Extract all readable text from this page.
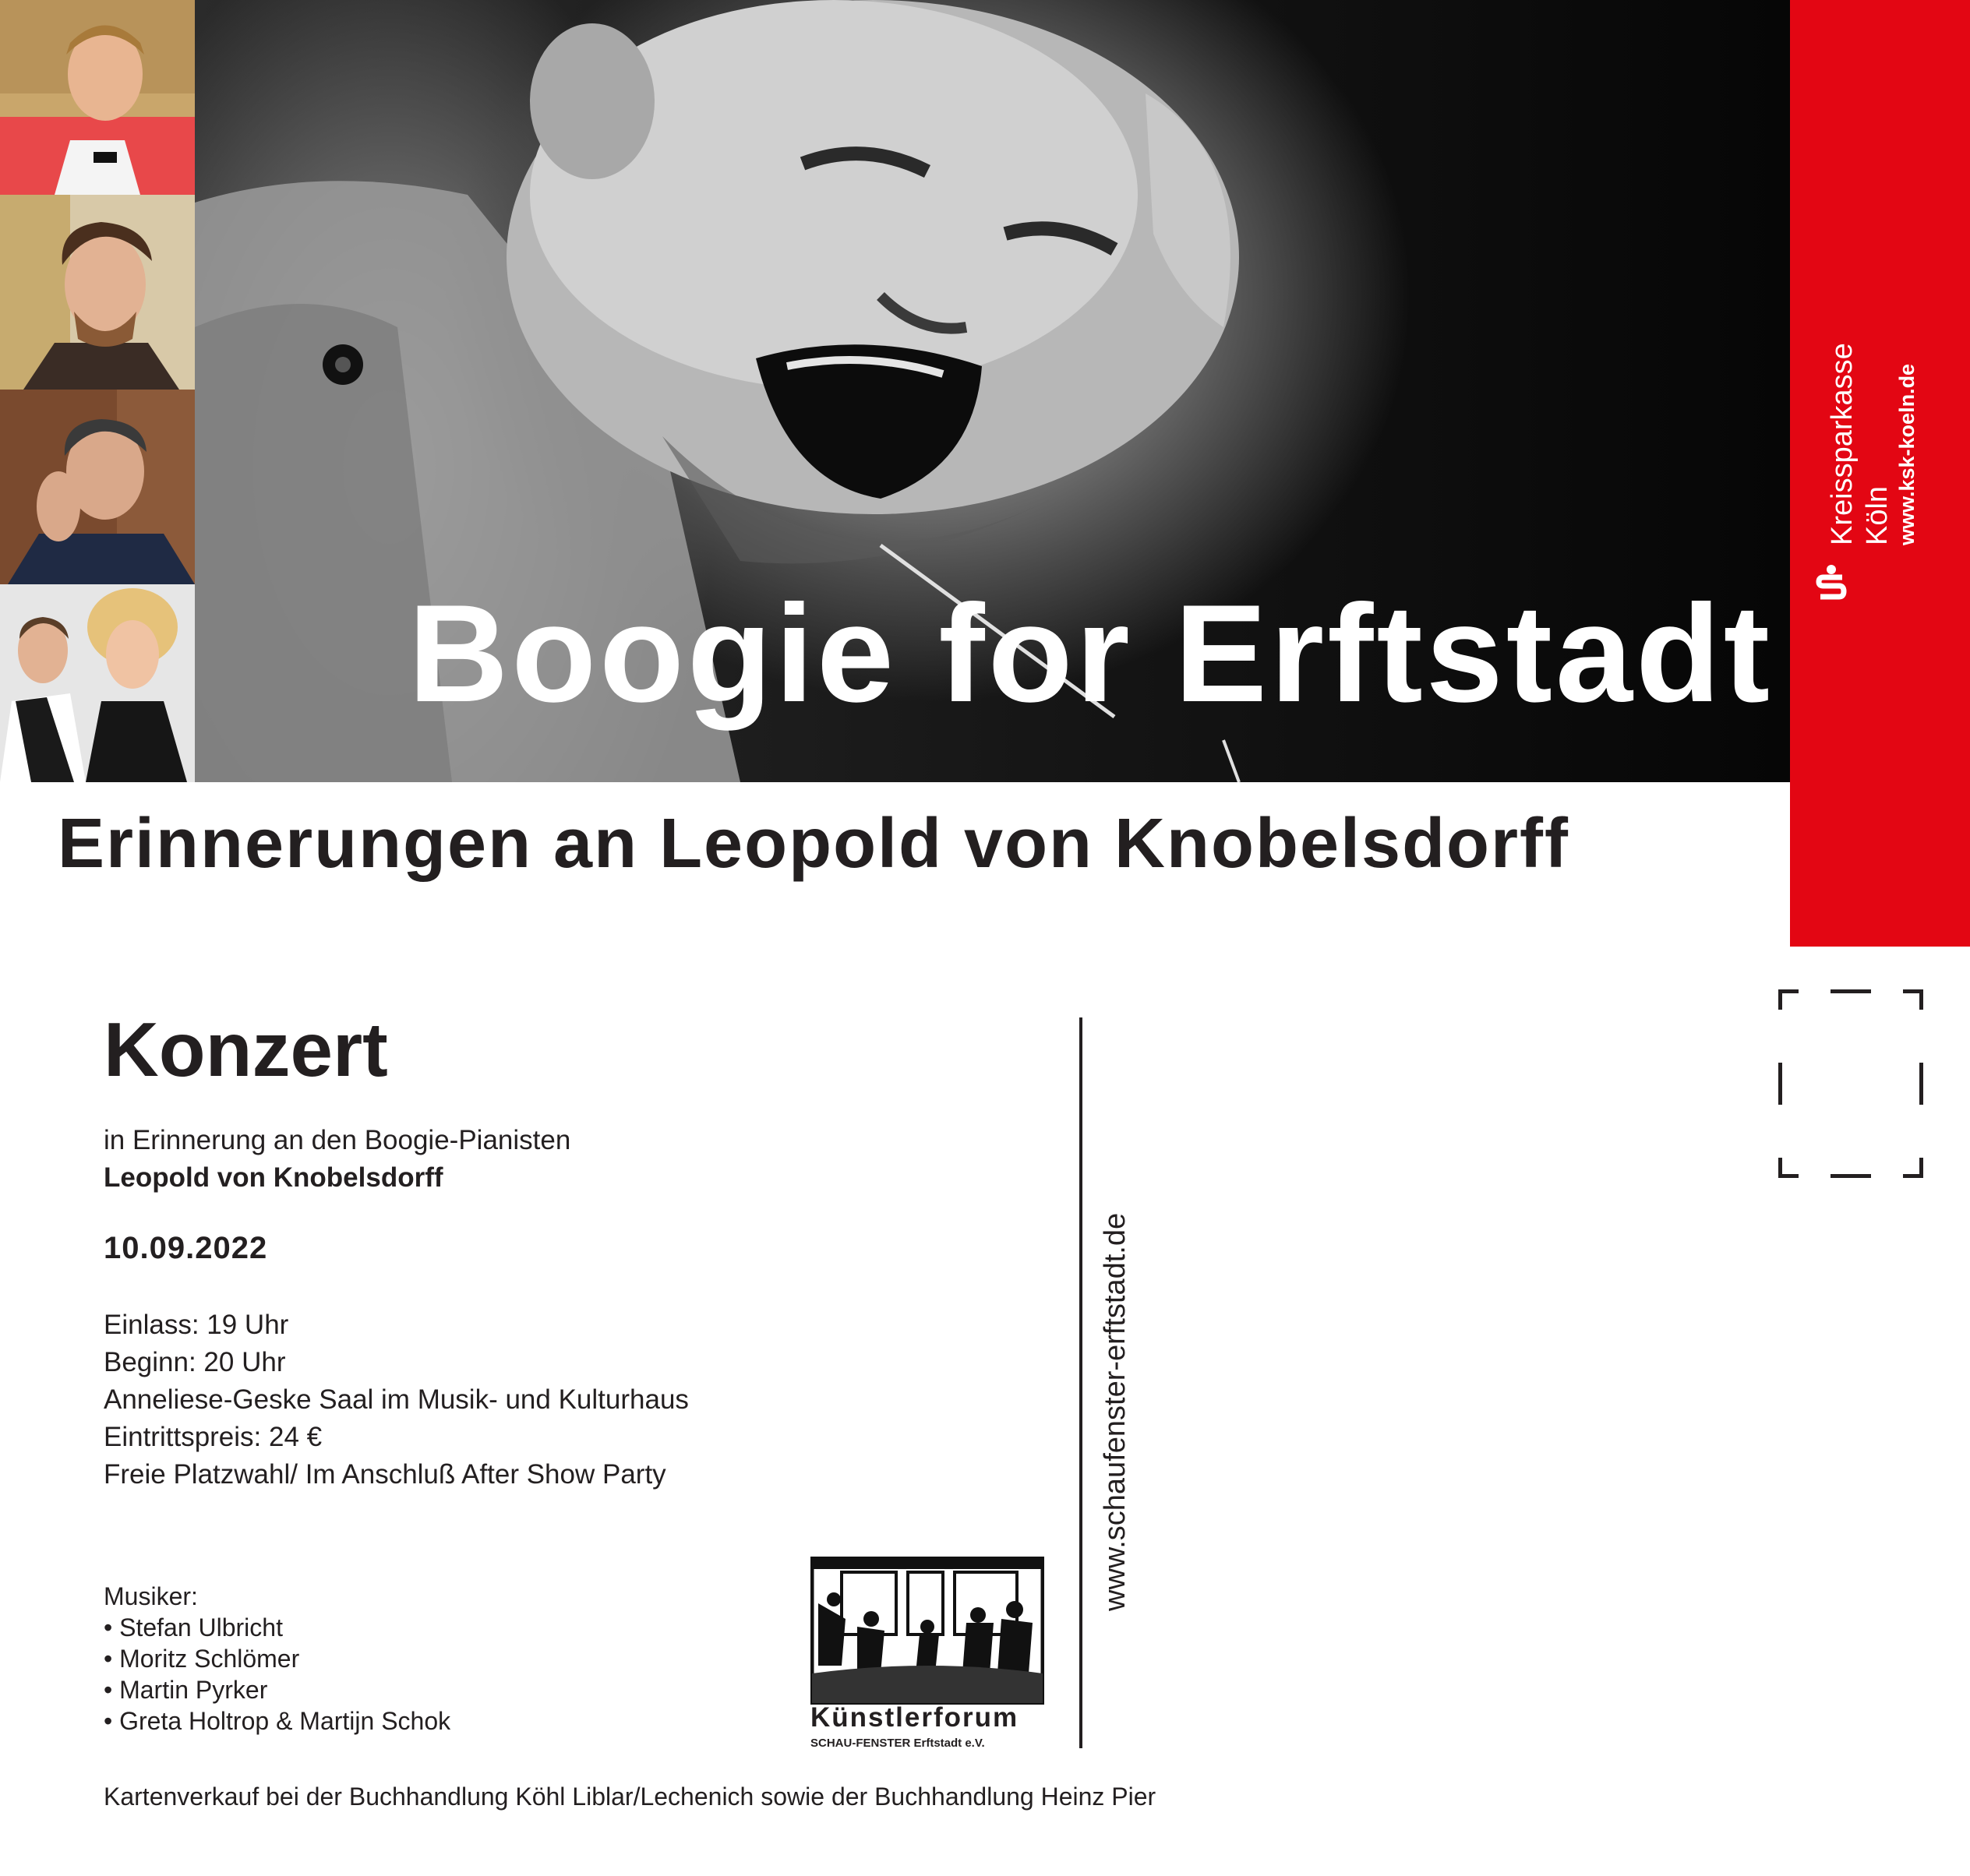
Boogie for Erftstadt
Kreissparkasse Köln www.ksk-koeln.de
Erinnerungen an Leopold von Knobelsdorff
Konzert
in Erinnerung an den Boogie-Pianisten
Leopold von Knobelsdorff
10.09.2022
Einlass: 19 Uhr
Beginn: 20 Uhr
Anneliese-Geske Saal im Musik- und Kulturhaus
Eintrittspreis: 24 €
Freie Platzwahl/ Im Anschluß After Show Party
Musiker:
• Stefan Ulbricht
• Moritz Schlömer
• Martin Pyrker
• Greta Holtrop & Martijn Schok	Künstlerforum
SCHAU-FENSTER Erftstadt e.V.
www.schaufenster-erftstadt.de
Kartenverkauf bei der Buchhandlung Köhl Liblar/Lechenich sowie der Buchhandlung Heinz Pier
